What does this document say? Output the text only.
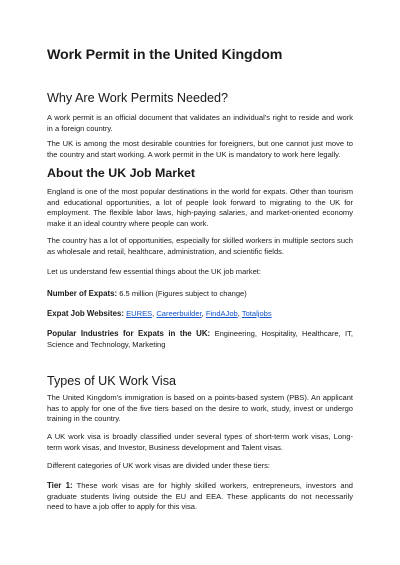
Work Permit in the United Kingdom
Why Are Work Permits Needed?

A work permit is an official document that validates an individual’s right to reside and work in a foreign country.

The UK is among the most desirable countries for foreigners, but one cannot just move to the country and start working. A work permit in the UK is mandatory to work here legally.

About the UK Job Market

England is one of the most popular destinations in the world for expats. Other than tourism and educational opportunities, a lot of people look forward to migrating to the UK for employment. The flexible labor laws, high-paying salaries, and market-oriented economy make it an ideal country where people can work.

The country has a lot of opportunities, especially for skilled workers in multiple sectors such as wholesale and retail, healthcare, administration, and scientific fields.

Let us understand few essential things about the UK job market:

Number of Expats: 6.5 million (Figures subject to change)

Expat Job Websites: EURES, Careerbuilder, FindAJob, Totaljobs

Popular Industries for Expats in the UK: Engineering, Hospitality, Healthcare, IT, Science and Technology, Marketing

Types of UK Work Visa

The United Kingdom’s immigration is based on a points-based system (PBS). An applicant has to apply for one of the five tiers based on the desire to work, study, invest or undergo training in the country.

A UK work visa is broadly classified under several types of short-term work visas, Long-term work visas, and Investor, Business development and Talent visas.

Different categories of UK work visas are divided under these tiers:

Tier 1: These work visas are for highly skilled workers, entrepreneurs, investors and graduate students living outside the EU and EEA. These applicants do not necessarily need to have a job offer to apply for this visa.
